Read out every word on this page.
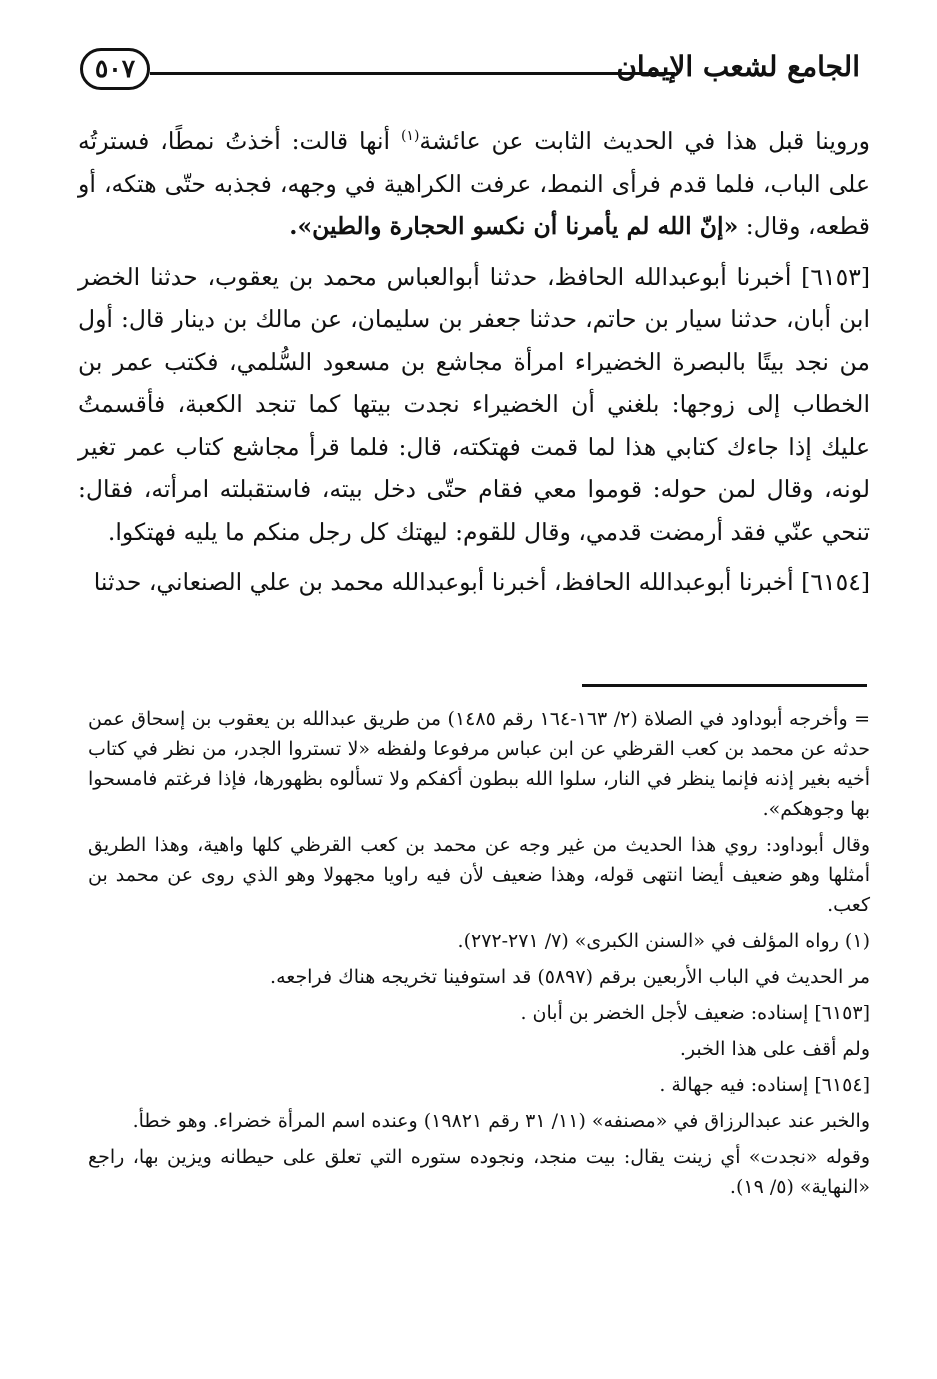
الجامع لشعب الإيمان
٥٠٧

وروينا قبل هذا في الحديث الثابت عن عائشة$^{(١)}$ أنها قالت: أخذتُ نمطًا، فسترتُه على الباب، فلما قدم فرأى النمط، عرفت الكراهية في وجهه، فجذبه حتّى هتكه، أو قطعه، وقال: «إنّ الله لم يأمرنا أن نكسو الحجارة والطين».

[٦١٥٣] أخبرنا أبوعبدالله الحافظ، حدثنا أبوالعباس محمد بن يعقوب، حدثنا الخضر ابن أبان، حدثنا سيار بن حاتم، حدثنا جعفر بن سليمان، عن مالك بن دينار قال: أول من نجد بيتًا بالبصرة الخضيراء امرأة مجاشع بن مسعود السُّلمي، فكتب عمر بن الخطاب إلى زوجها: بلغني أن الخضيراء نجدت بيتها كما تنجد الكعبة، فأقسمتُ عليك إذا جاءك كتابي هذا لما قمت فهتكته، قال: فلما قرأ مجاشع كتاب عمر تغير لونه، وقال لمن حوله: قوموا معي فقام حتّى دخل بيته، فاستقبلته امرأته، فقال: تنحي عنّي فقد أرمضت قدمي، وقال للقوم: ليهتك كل رجل منكم ما يليه فهتكوا.

[٦١٥٤] أخبرنا أبوعبدالله الحافظ، أخبرنا أبوعبدالله محمد بن علي الصنعاني، حدثنا

= وأخرجه أبوداود في الصلاة (٢/ ١٦٣-١٦٤ رقم ١٤٨٥) من طريق عبدالله بن يعقوب بن إسحاق عمن حدثه عن محمد بن كعب القرظي عن ابن عباس مرفوعا ولفظه «لا تستروا الجدر، من نظر في كتاب أخيه بغير إذنه فإنما ينظر في النار، سلوا الله ببطون أكفكم ولا تسألوه بظهورها، فإذا فرغتم فامسحوا بها وجوهكم».

وقال أبوداود: روي هذا الحديث من غير وجه عن محمد بن كعب القرظي كلها واهية، وهذا الطريق أمثلها وهو ضعيف أيضا انتهى قوله، وهذا ضعيف لأن فيه راويا مجهولا وهو الذي روى عن محمد بن كعب.

(١) رواه المؤلف في «السنن الكبرى» (٧/ ٢٧١-٢٧٢).

مر الحديث في الباب الأربعين برقم (٥٨٩٧) قد استوفينا تخريجه هناك فراجعه.

[٦١٥٣] إسناده: ضعيف لأجل الخضر بن أبان .

ولم أقف على هذا الخبر.

[٦١٥٤] إسناده: فيه جهالة .

والخبر عند عبدالرزاق في «مصنفه» (١١/ ٣١ رقم ١٩٨٢١) وعنده اسم المرأة خضراء. وهو خطأ.

وقوله «نجدت» أي زينت يقال: بيت منجد، ونجوده ستوره التي تعلق على حيطانه ويزين بها، راجع «النهاية» (٥/ ١٩).
